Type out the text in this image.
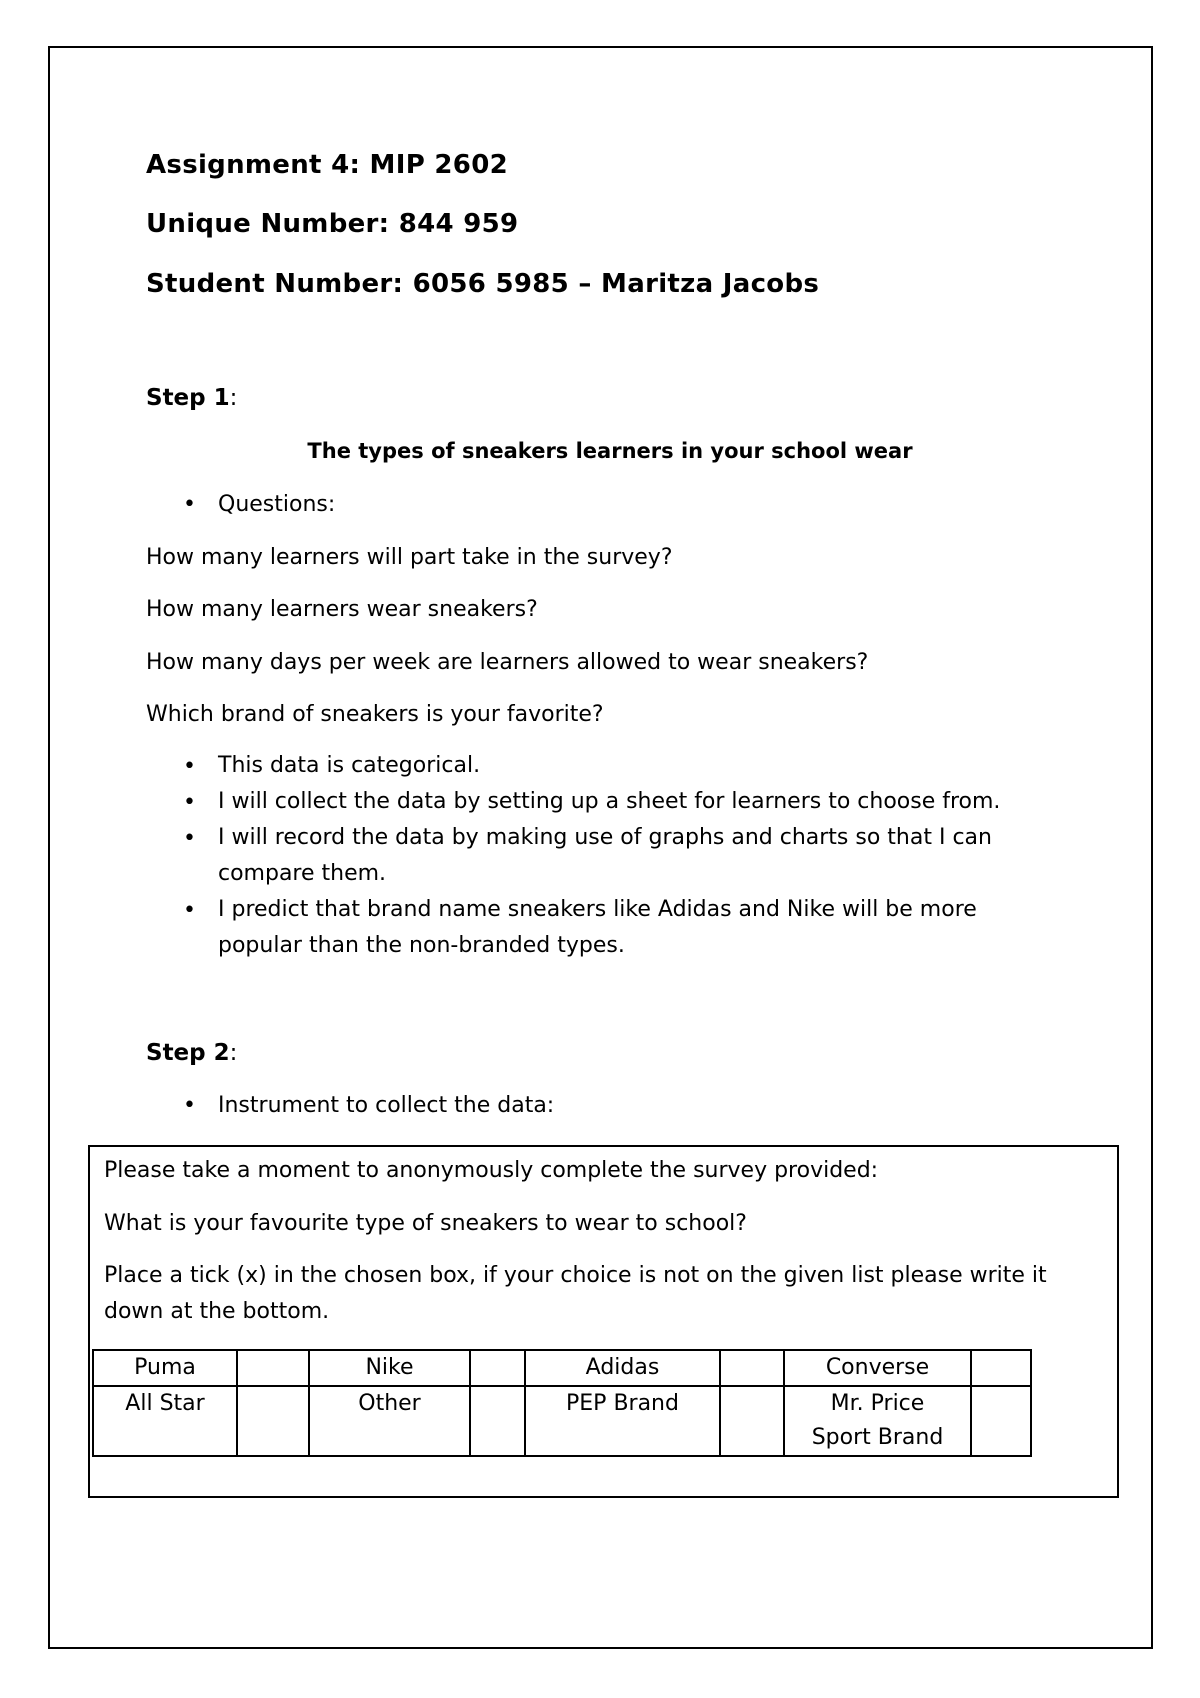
Assignment 4: MIP 2602
Unique Number: 844 959
Student Number: 6056 5985 – Maritza Jacobs
Step 1:
The types of sneakers learners in your school wear
• Questions:
How many learners will part take in the survey?
How many learners wear sneakers?
How many days per week are learners allowed to wear sneakers?
Which brand of sneakers is your favorite?
• This data is categorical.
• I will collect the data by setting up a sheet for learners to choose from.
• I will record the data by making use of graphs and charts so that I can compare them.
• I predict that brand name sneakers like Adidas and Nike will be more popular than the non-branded types.
Step 2:
• Instrument to collect the data:
Please take a moment to anonymously complete the survey provided:
What is your favourite type of sneakers to wear to school?
Place a tick (x) in the chosen box, if your choice is not on the given list please write it down at the bottom.
Puma		Nike		Adidas		Converse	
All Star		Other		PEP Brand		Mr. Price Sport Brand	
